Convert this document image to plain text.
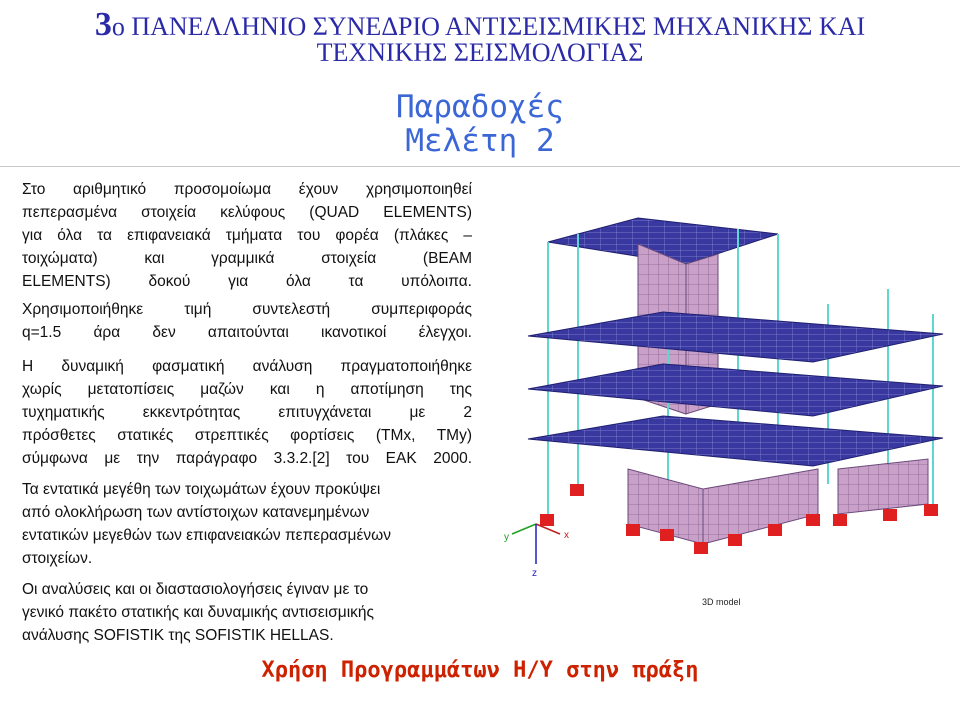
3ο ΠΑΝΕΛΛΗΝΙΟ ΣΥΝΕΔΡΙΟ ΑΝΤΙΣΕΙΣΜΙΚΗΣ ΜΗΧΑΝΙΚΗΣ ΚΑΙ
ΤΕΧΝΙΚΗΣ ΣΕΙΣΜΟΛΟΓΙΑΣ
Παραδοχές
Μελέτη 2

Στο αριθμητικό προσομοίωμα έχουν χρησιμοποιηθεί
πεπερασμένα στοιχεία κελύφους (QUAD ELEMENTS)
για όλα τα επιφανειακά τμήματα του φορέα (πλάκες –
τοιχώματα) και γραμμικά στοιχεία (BEAM
ELEMENTS) δοκού για όλα τα υπόλοιπα.

Χρησιμοποιήθηκε τιμή συντελεστή συμπεριφοράς
q=1.5 άρα δεν απαιτούνται ικανοτικοί έλεγχοι.

Η δυναμική φασματική ανάλυση πραγματοποιήθηκε
χωρίς μετατοπίσεις μαζών και η αποτίμηση της
τυχηματικής εκκεντρότητας επιτυγχάνεται με 2
πρόσθετες στατικές στρεπτικές φορτίσεις (TMx, TMy)
σύμφωνα με την παράγραφο 3.3.2.[2] του ΕΑΚ 2000.

Τα εντατικά μεγέθη των τοιχωμάτων έχουν προκύψει
από ολοκλήρωση των αντίστοιχων κατανεμημένων
εντατικών μεγεθών των επιφανειακών πεπερασμένων
στοιχείων.

Οι αναλύσεις και οι διαστασιολογήσεις έγιναν με το
γενικό πακέτο στατικής και δυναμικής αντισεισμικής
ανάλυσης SOFISTIK της SOFISTIK HELLAS.

x
y
z
3D model
Χρήση Προγραμμάτων Η/Υ στην πράξη
